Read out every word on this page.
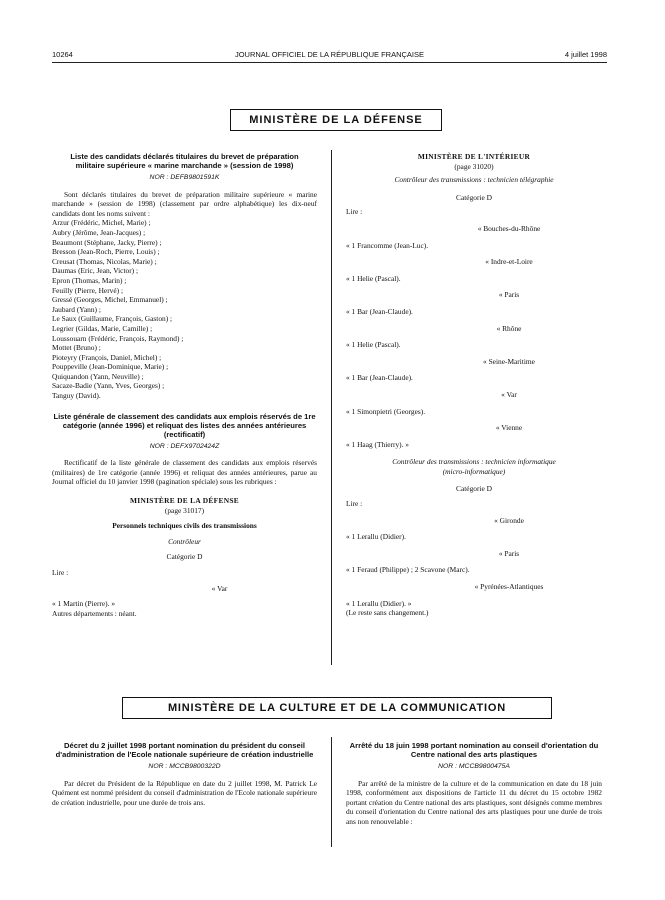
10264	JOURNAL OFFICIEL DE LA RÉPUBLIQUE FRANÇAISE	4 juillet 1998
MINISTÈRE DE LA DÉFENSE
Liste des candidats déclarés titulaires du brevet de préparation militaire supérieure « marine marchande » (session de 1998)
NOR : DEFB9801591K
Sont déclarés titulaires du brevet de préparation militaire supérieure « marine marchande » (session de 1998) (classement par ordre alphabétique) les dix-neuf candidats dont les noms suivent :
Arzur (Frédéric, Michel, Marie) ;
Aubry (Jérôme, Jean-Jacques) ;
Beaumont (Stéphane, Jacky, Pierre) ;
Bresson (Jean-Roch, Pierre, Louis) ;
Creusat (Thomas, Nicolas, Marie) ;
Daumas (Eric, Jean, Victor) ;
Epron (Thomas, Marin) ;
Feuilly (Pierre, Hervé) ;
Gressé (Georges, Michel, Emmanuel) ;
Jaubard (Yann) ;
Le Saux (Guillaume, François, Gaston) ;
Legrier (Gildas, Marie, Camille) ;
Loussouarn (Frédéric, François, Raymond) ;
Mottet (Bruno) ;
Pioteyry (François, Daniel, Michel) ;
Pouppeville (Jean-Dominique, Marie) ;
Quiquandon (Yann, Neuville) ;
Sacaze-Badie (Yann, Yves, Georges) ;
Tanguy (David).
Liste générale de classement des candidats aux emplois réservés de 1re catégorie (année 1996) et reliquat des listes des années antérieures (rectificatif)
NOR : DEFX9702424Z
Rectificatif de la liste générale de classement des candidats aux emplois réservés (militaires) de 1re catégorie (année 1996) et reliquat des années antérieures, parue au Journal officiel du 10 janvier 1998 (pagination spéciale) sous les rubriques :
MINISTÈRE DE LA DÉFENSE
(page 31017)
Personnels techniques civils des transmissions
Contrôleur
Catégorie D
Lire :
« Var
« 1 Martin (Pierre). »
Autres départements : néant.
MINISTÈRE DE L'INTÉRIEUR
(page 31020)
Contrôleur des transmissions : technicien télégraphie
Catégorie D
Lire :
« Bouches-du-Rhône
« 1 Francomme (Jean-Luc).
« Indre-et-Loire
« 1 Helie (Pascal).
« Paris
« 1 Bar (Jean-Claude).
« Rhône
« 1 Helie (Pascal).
« Seine-Maritime
« 1 Bar (Jean-Claude).
« Var
« 1 Simonpietri (Georges).
« Vienne
« 1 Haag (Thierry). »
Contrôleur des transmissions : technicien informatique (micro-informatique)
Catégorie D
Lire :
« Gironde
« 1 Lerallu (Didier).
« Paris
« 1 Feraud (Philippe) ; 2 Scavone (Marc).
« Pyrénées-Atlantiques
« 1 Lerallu (Didier). »
(Le reste sans changement.)
MINISTÈRE DE LA CULTURE ET DE LA COMMUNICATION
Décret du 2 juillet 1998 portant nomination du président du conseil d'administration de l'Ecole nationale supérieure de création industrielle
NOR : MCCB9800322D
Par décret du Président de la République en date du 2 juillet 1998, M. Patrick Le Quément est nommé président du conseil d'administration de l'Ecole nationale supérieure de création industrielle, pour une durée de trois ans.
Arrêté du 18 juin 1998 portant nomination au conseil d'orientation du Centre national des arts plastiques
NOR : MCCB9800475A
Par arrêté de la ministre de la culture et de la communication en date du 18 juin 1998, conformément aux dispositions de l'article 11 du décret du 15 octobre 1982 portant création du Centre national des arts plastiques, sont désignés comme membres du conseil d'orientation du Centre national des arts plastiques pour une durée de trois ans non renouvelable :
